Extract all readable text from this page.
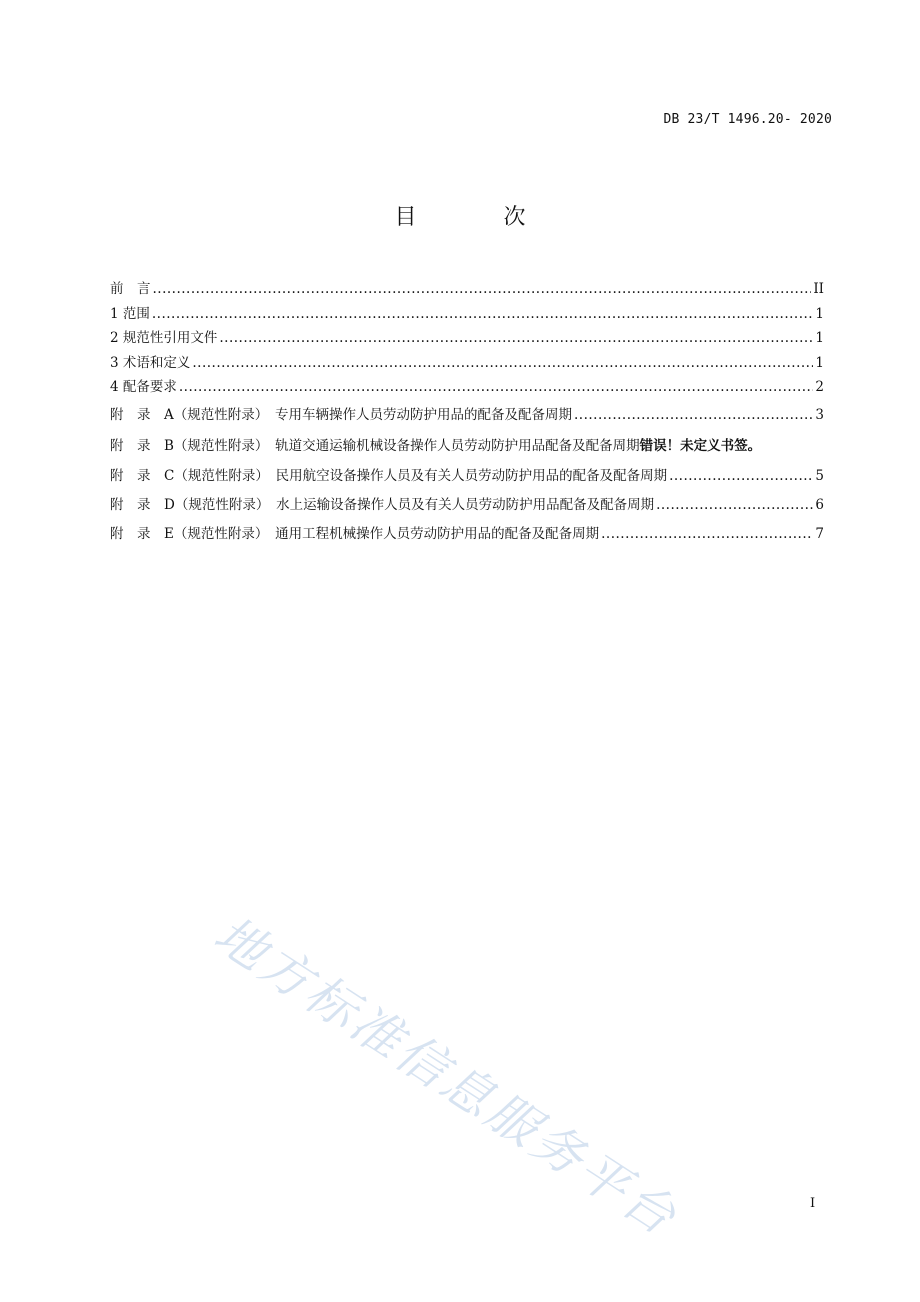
DB 23/T 1496.20- 2020
目 次
前　言 .....	II
1 范围 .....	1
2 规范性引用文件 .....	1
3 术语和定义 .....	1
4 配备要求 .....	2
附　录　A（规范性附录）　 专用车辆操作人员劳动防护用品的配备及配备周期 .....	3
附　录　B（规范性附录）　轨道交通运输机械设备操作人员劳动防护用品配备及配备周期错误！未定义书签。
附　录　C（规范性附录）　 民用航空设备操作人员及有关人员劳动防护用品的配备及配备周期 .....	5
附　录　D（规范性附录）　 水上运输设备操作人员及有关人员劳动防护用品配备及配备周期 .....	6
附　录　E（规范性附录）　 通用工程机械操作人员劳动防护用品的配备及配备周期 .....	7
地方标准信息服务平台	I
